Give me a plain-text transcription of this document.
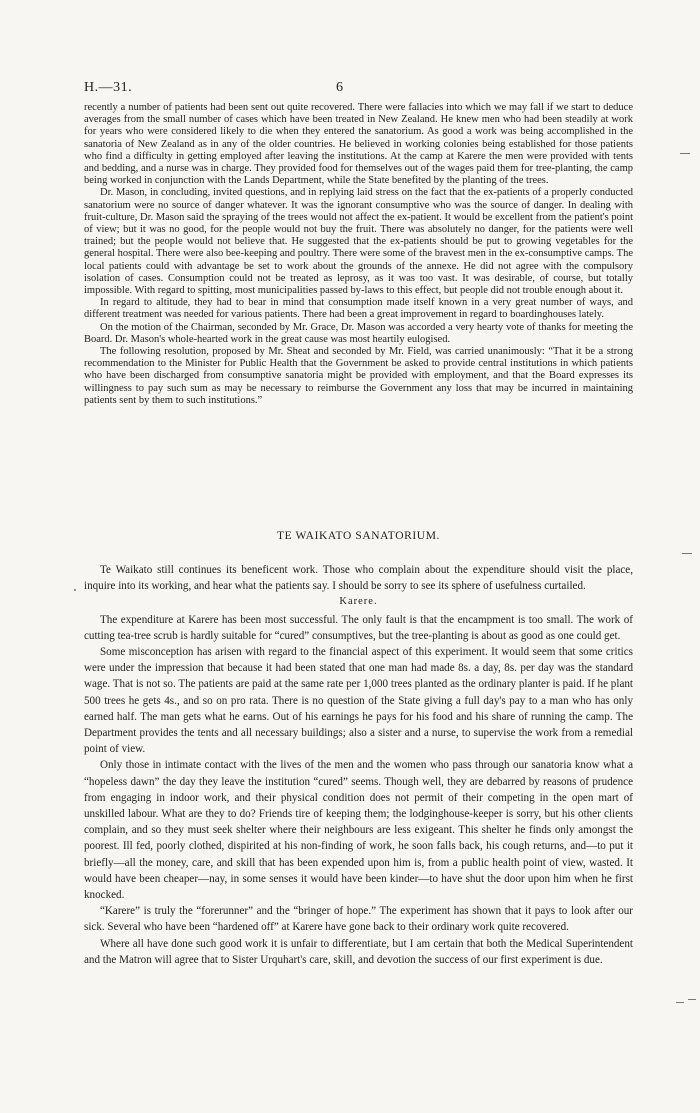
H.—31.	6

recently a number of patients had been sent out quite recovered. There were fallacies into which we may fall if we start to deduce averages from the small number of cases which have been treated in New Zealand. He knew men who had been steadily at work for years who were considered likely to die when they entered the sanatorium. As good a work was being accomplished in the sanatoria of New Zealand as in any of the older countries. He believed in working colonies being established for those patients who find a difficulty in getting employed after leaving the institutions. At the camp at Karere the men were provided with tents and bedding, and a nurse was in charge. They provided food for themselves out of the wages paid them for tree-planting, the camp being worked in conjunction with the Lands Department, while the State benefited by the planting of the trees.

Dr. Mason, in concluding, invited questions, and in replying laid stress on the fact that the ex-patients of a properly conducted sanatorium were no source of danger whatever. It was the ignorant consumptive who was the source of danger. In dealing with fruit-culture, Dr. Mason said the spraying of the trees would not affect the ex-patient. It would be excellent from the patient's point of view; but it was no good, for the people would not buy the fruit. There was absolutely no danger, for the patients were well trained; but the people would not believe that. He suggested that the ex-patients should be put to growing vegetables for the general hospital. There were also bee-keeping and poultry. There were some of the bravest men in the ex-consumptive camps. The local patients could with advantage be set to work about the grounds of the annexe. He did not agree with the compulsory isolation of cases. Consumption could not be treated as leprosy, as it was too vast. It was desirable, of course, but totally impossible. With regard to spitting, most municipalities passed by-laws to this effect, but people did not trouble enough about it.

In regard to altitude, they had to bear in mind that consumption made itself known in a very great number of ways, and different treatment was needed for various patients. There had been a great improvement in regard to boardinghouses lately.

On the motion of the Chairman, seconded by Mr. Grace, Dr. Mason was accorded a very hearty vote of thanks for meeting the Board. Dr. Mason's whole-hearted work in the great cause was most heartily eulogised.

The following resolution, proposed by Mr. Sheat and seconded by Mr. Field, was carried unanimously: “That it be a strong recommendation to the Minister for Public Health that the Government be asked to provide central institutions in which patients who have been discharged from consumptive sanatoria might be provided with employment, and that the Board expresses its willingness to pay such sum as may be necessary to reimburse the Government any loss that may be incurred in maintaining patients sent by them to such institutions.”

TE WAIKATO SANATORIUM.

Te Waikato still continues its beneficent work. Those who complain about the expenditure should visit the place, inquire into its working, and hear what the patients say. I should be sorry to see its sphere of usefulness curtailed.

Karere.

The expenditure at Karere has been most successful. The only fault is that the encampment is too small. The work of cutting tea-tree scrub is hardly suitable for “cured” consumptives, but the tree-planting is about as good as one could get.

Some misconception has arisen with regard to the financial aspect of this experiment. It would seem that some critics were under the impression that because it had been stated that one man had made 8s. a day, 8s. per day was the standard wage. That is not so. The patients are paid at the same rate per 1,000 trees planted as the ordinary planter is paid. If he plant 500 trees he gets 4s., and so on pro rata. There is no question of the State giving a full day's pay to a man who has only earned half. The man gets what he earns. Out of his earnings he pays for his food and his share of running the camp. The Department provides the tents and all necessary buildings; also a sister and a nurse, to supervise the work from a remedial point of view.

Only those in intimate contact with the lives of the men and the women who pass through our sanatoria know what a “hopeless dawn” the day they leave the institution “cured” seems. Though well, they are debarred by reasons of prudence from engaging in indoor work, and their physical condition does not permit of their competing in the open mart of unskilled labour. What are they to do? Friends tire of keeping them; the lodginghouse-keeper is sorry, but his other clients complain, and so they must seek shelter where their neighbours are less exigeant. This shelter he finds only amongst the poorest. Ill fed, poorly clothed, dispirited at his non-finding of work, he soon falls back, his cough returns, and—to put it briefly—all the money, care, and skill that has been expended upon him is, from a public health point of view, wasted. It would have been cheaper—nay, in some senses it would have been kinder—to have shut the door upon him when he first knocked.

“Karere” is truly the “forerunner” and the “bringer of hope.” The experiment has shown that it pays to look after our sick. Several who have been “hardened off” at Karere have gone back to their ordinary work quite recovered.

Where all have done such good work it is unfair to differentiate, but I am certain that both the Medical Superintendent and the Matron will agree that to Sister Urquhart's care, skill, and devotion the success of our first experiment is due.
